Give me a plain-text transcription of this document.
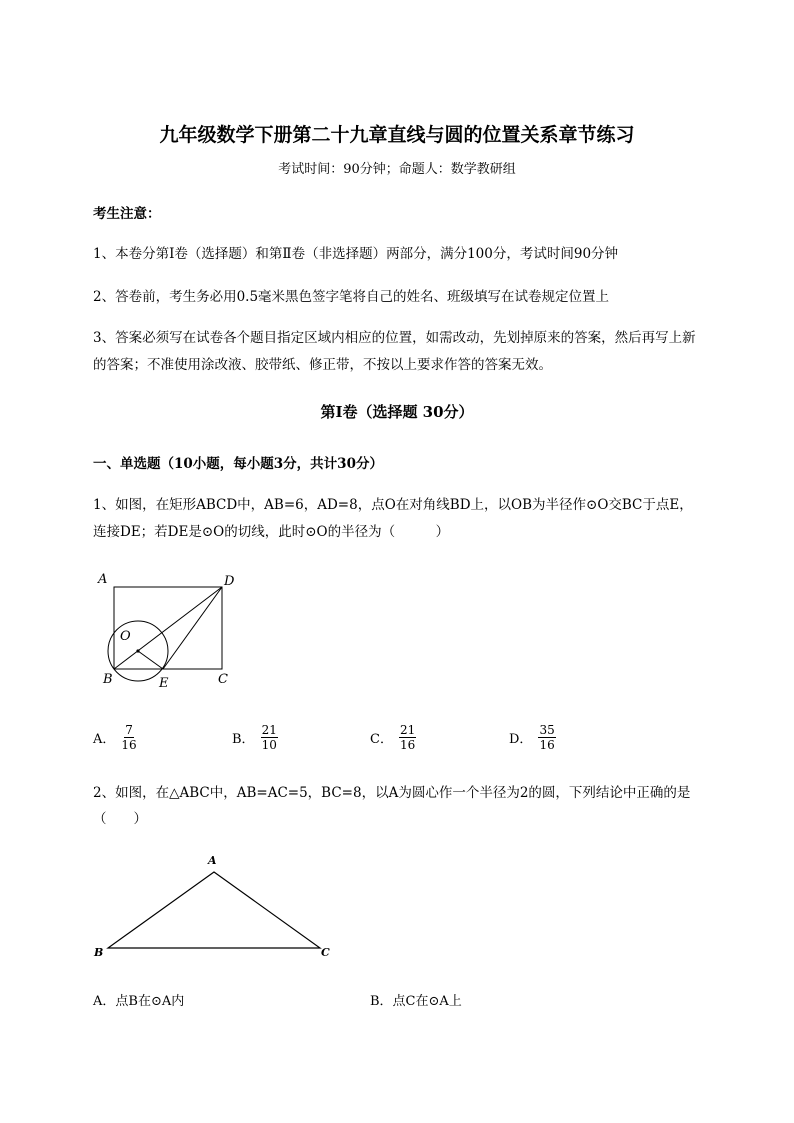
九年级数学下册第二十九章直线与圆的位置关系章节练习
考试时间：90分钟；命题人：数学教研组
考生注意：
1、本卷分第I卷（选择题）和第Ⅱ卷（非选择题）两部分，满分100分，考试时间90分钟
2、答卷前，考生务必用0.5毫米黑色签字笔将自己的姓名、班级填写在试卷规定位置上
3、答案必须写在试卷各个题目指定区域内相应的位置，如需改动，先划掉原来的答案，然后再写上新
的答案；不准使用涂改液、胶带纸、修正带，不按以上要求作答的答案无效。
第I卷（选择题 30分）
一、单选题（10小题，每小题3分，共计30分）
1、如图，在矩形ABCD中，AB=6，AD=8，点O在对角线BD上，以OB为半径作⊙O交BC于点E，
连接DE；若DE是⊙O的切线，此时⊙O的半径为（　　　）
A	D
B	E	C
O
A． $\frac{7}{16}$	B． $\frac{21}{10}$	C． $\frac{21}{16}$	D． $\frac{35}{16}$
2、如图，在△ABC中，AB=AC=5，BC=8，以A为圆心作一个半径为2的圆，下列结论中正确的是
（　　）
A
B	C
A．点B在⊙A内	B．点C在⊙A上
